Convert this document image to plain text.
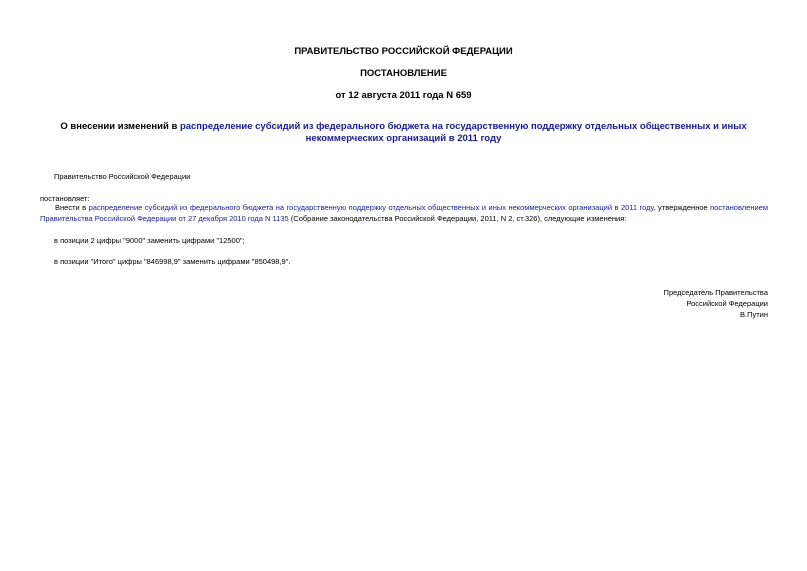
ПРАВИТЕЛЬСТВО РОССИЙСКОЙ ФЕДЕРАЦИИ
ПОСТАНОВЛЕНИЕ
от 12 августа 2011 года N 659
О внесении изменений в распределение субсидий из федерального бюджета на государственную поддержку отдельных общественных и иных некоммерческих организаций в 2011 году
Правительство Российской Федерации
постановляет:
Внести в распределение субсидий из федерального бюджета на государственную поддержку отдельных общественных и иных некоммерческих организаций в 2011 году, утвержденное постановлением Правительства Российской Федерации от 27 декабря 2010 года N 1135 (Собрание законодательства Российской Федерации, 2011, N 2, ст.326), следующие изменения:
в позиции 2 цифры "9000" заменить цифрами "12500";
в позиции "Итого" цифры "846998,9" заменить цифрами "850498,9".
Председатель Правительства
Российской Федерации
В.Путин
